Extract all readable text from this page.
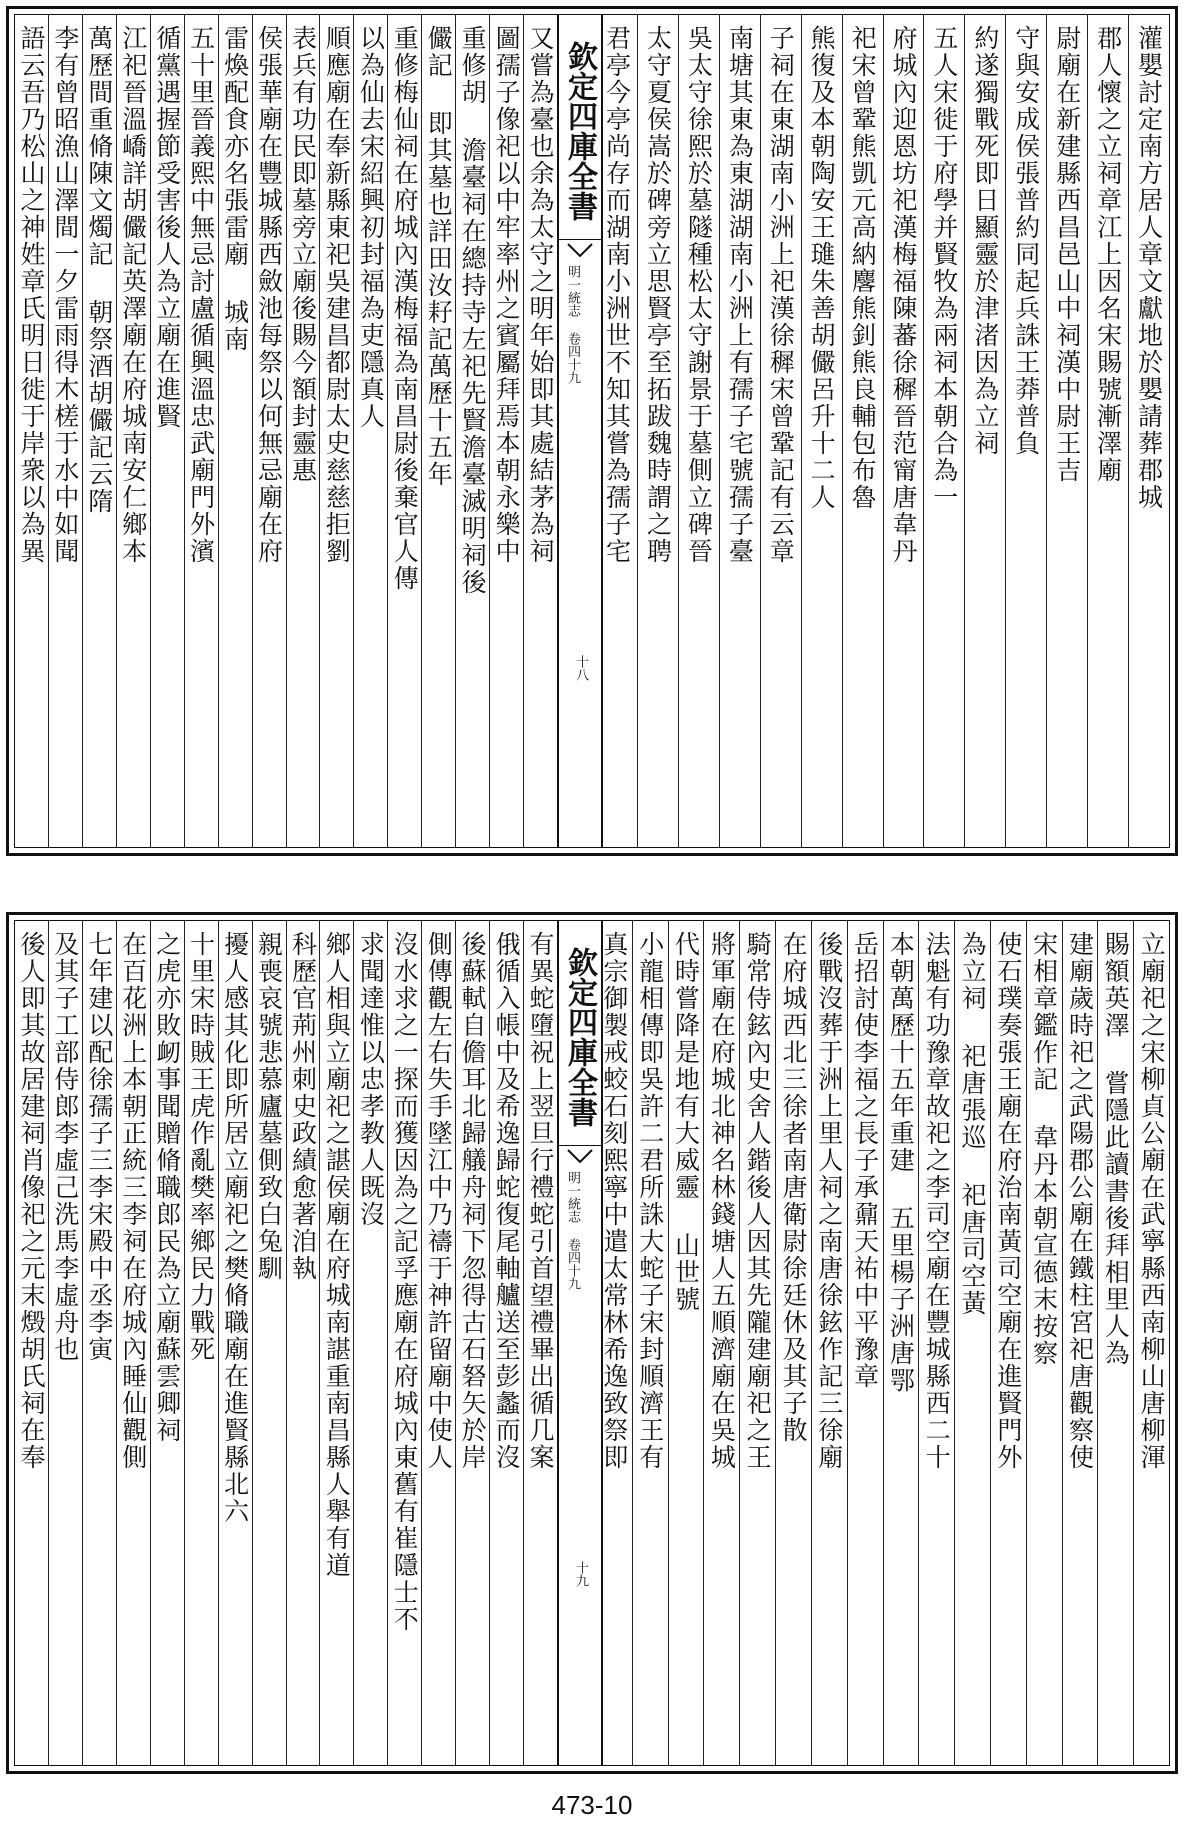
灌嬰討定南方居人章文獻地於嬰請葬郡城
郡人懷之立祠章江上因名宋賜號漸澤廟
尉廟在新建縣西昌邑山中祠漢中尉王吉
守與安成侯張普約同起兵誅王莽普負
約遂獨戰死即日顯靈於津渚因為立祠
五人宋徙于府學并賢牧為兩祠本朝合為一
府城內迎恩坊祀漢梅福陳蕃徐穉晉范甯唐韋丹
祀宋曾鞏熊凱元高納麐熊釗熊良輔包布魯
熊復及本朝陶安王璡朱善胡儼呂升十二人
子祠在東湖南小洲上祀漢徐穉宋曾鞏記有云章
南塘其東為東湖湖南小洲上有孺子宅號孺子臺
吳太守徐熙於墓隧種松太守謝景于墓側立碑晉
太守夏侯嵩於碑旁立思賢亭至拓跋魏時謂之聘
君亭今亭尚存而湖南小洲世不知其嘗為孺子宅
欽定四庫全書
明一統志 卷四十九
十八
又嘗為臺也余為太守之明年始即其處結茅為祠
圖孺子像祀以中牢率州之賓屬拜焉本朝永樂中
重修胡 澹臺祠在總持寺左祀先賢澹臺滅明祠後
儼記 即其墓也詳田汝耔記萬歷十五年
重修梅仙祠在府城內漢梅福為南昌尉後棄官人傳
以為仙去宋紹興初封福為吏隱真人
順應廟在奉新縣東祀吳建昌都尉太史慈慈拒劉
表兵有功民即墓旁立廟後賜今額封靈惠
侯張華廟在豐城縣西斂池每祭以何無忌廟在府
雷煥配食亦名張雷廟 城南
五十里晉義熙中無忌討盧循興溫忠武廟門外濱
循黨遇握節受害後人為立廟在進賢
江祀晉溫嶠詳胡儼記英澤廟在府城南安仁鄉本
萬歷間重脩陳文燭記 朝祭酒胡儼記云隋
李有曾昭漁山澤間一夕雷雨得木槎于水中如聞
語云吾乃松山之神姓章氏明日徙于岸衆以為異
立廟祀之宋柳貞公廟在武寧縣西南柳山唐柳渾
賜額英澤 嘗隱此讀書後拜相里人為
建廟歲時祀之武陽郡公廟在鐵柱宮祀唐觀察使
宋相章鑑作記 韋丹本朝宣德末按察
使石璞奏張王廟在府治南黃司空廟在進賢門外
為立祠 祀唐張巡 祀唐司空黃
法魁有功豫章故祀之李司空廟在豐城縣西二十
本朝萬歷十五年重建 五里楊子洲唐鄂
岳招討使李福之長子承鼐天祐中平豫章
後戰沒葬于洲上里人祠之南唐徐鉉作記三徐廟
在府城西北三徐者南唐衛尉徐廷休及其子散
騎常侍鉉內史舍人鍇後人因其先隴建廟祀之王
將軍廟在府城北神名林錢塘人五順濟廟在吳城
代時嘗降是地有大威靈 山世號
小龍相傳即吳許二君所誅大蛇子宋封順濟王有
真宗御製戒蛟石刻熙寧中遣太常林希逸致祭即
欽定四庫全書
明一統志 卷四十九
十九
有異蛇墮祝上翌旦行禮蛇引首望禮畢出循几案
俄循入帳中及希逸歸蛇復尾軸艫送至彭蠡而沒
後蘇軾自儋耳北歸艤舟祠下忽得古石砮矢於岸
側傳觀左右失手墜江中乃禱于神許留廟中使人
沒水求之一探而獲因為之記孚應廟在府城內東舊有崔隱士不
求聞達惟以忠孝教人既沒
鄉人相與立廟祀之諶侯廟在府城南諶重南昌縣人舉有道
科歷官荊州刺史政績愈著洎執
親喪哀號悲慕廬墓側致白兔馴
擾人感其化即所居立廟祀之樊脩職廟在進賢縣北六
十里宋時賊王虎作亂樊率鄉民力戰死
之虎亦敗衂事聞贈脩職郎民為立廟蘇雲卿祠
在百花洲上本朝正統三李祠在府城內睡仙觀側
七年建以配徐孺子三李宋殿中丞李寅
及其子工部侍郎李虛己洗馬李虛舟也
後人即其故居建祠肖像祀之元末燬胡氏祠在奉
473-10
